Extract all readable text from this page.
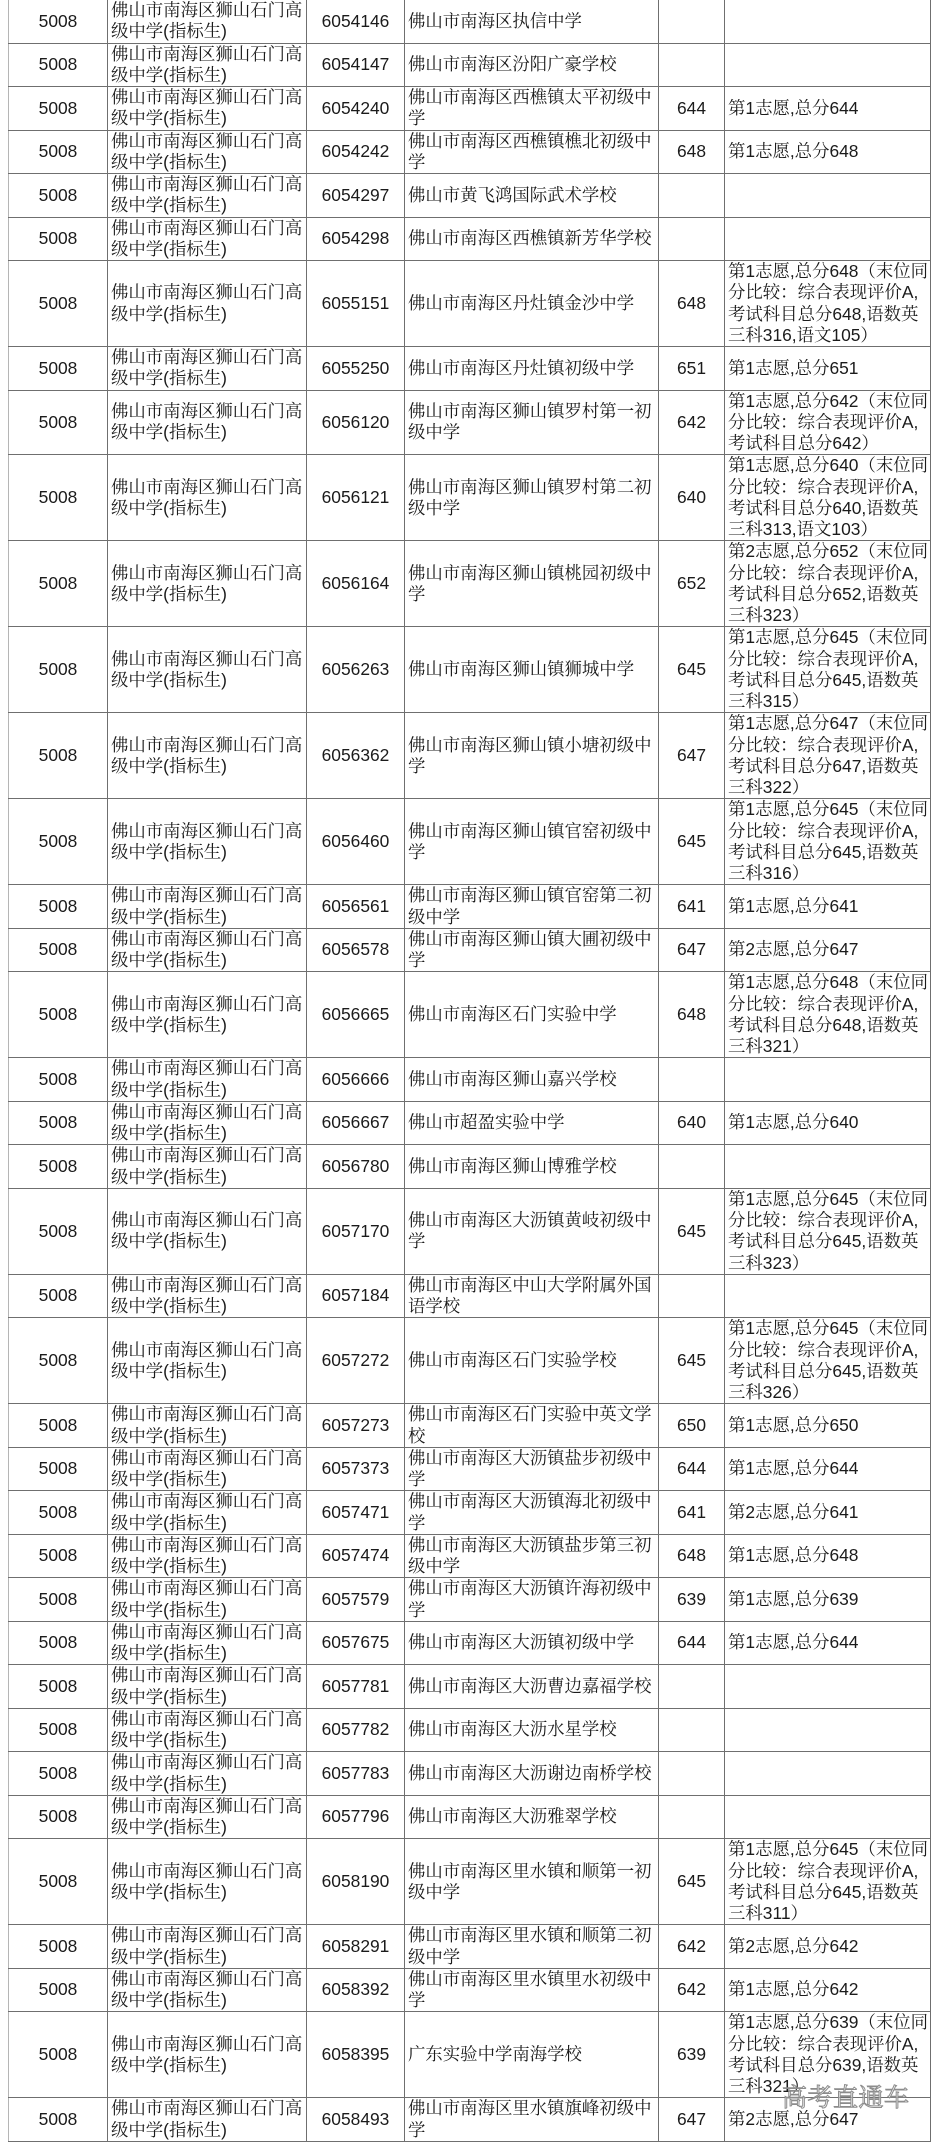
5008	佛山市南海区狮山石门高级中学(指标生)	6054146	佛山市南海区执信中学		
5008	佛山市南海区狮山石门高级中学(指标生)	6054147	佛山市南海区汾阳广豪学校		
5008	佛山市南海区狮山石门高级中学(指标生)	6054240	佛山市南海区西樵镇太平初级中学	644	第1志愿,总分644
5008	佛山市南海区狮山石门高级中学(指标生)	6054242	佛山市南海区西樵镇樵北初级中学	648	第1志愿,总分648
5008	佛山市南海区狮山石门高级中学(指标生)	6054297	佛山市黄飞鸿国际武术学校		
5008	佛山市南海区狮山石门高级中学(指标生)	6054298	佛山市南海区西樵镇新芳华学校		
5008	佛山市南海区狮山石门高级中学(指标生)	6055151	佛山市南海区丹灶镇金沙中学	648	第1志愿,总分648（末位同分比较：综合表现评价A,考试科目总分648,语数英三科316,语文105）
5008	佛山市南海区狮山石门高级中学(指标生)	6055250	佛山市南海区丹灶镇初级中学	651	第1志愿,总分651
5008	佛山市南海区狮山石门高级中学(指标生)	6056120	佛山市南海区狮山镇罗村第一初级中学	642	第1志愿,总分642（末位同分比较：综合表现评价A,考试科目总分642）
5008	佛山市南海区狮山石门高级中学(指标生)	6056121	佛山市南海区狮山镇罗村第二初级中学	640	第1志愿,总分640（末位同分比较：综合表现评价A,考试科目总分640,语数英三科313,语文103）
5008	佛山市南海区狮山石门高级中学(指标生)	6056164	佛山市南海区狮山镇桃园初级中学	652	第2志愿,总分652（末位同分比较：综合表现评价A,考试科目总分652,语数英三科323）
5008	佛山市南海区狮山石门高级中学(指标生)	6056263	佛山市南海区狮山镇狮城中学	645	第1志愿,总分645（末位同分比较：综合表现评价A,考试科目总分645,语数英三科315）
5008	佛山市南海区狮山石门高级中学(指标生)	6056362	佛山市南海区狮山镇小塘初级中学	647	第1志愿,总分647（末位同分比较：综合表现评价A,考试科目总分647,语数英三科322）
5008	佛山市南海区狮山石门高级中学(指标生)	6056460	佛山市南海区狮山镇官窑初级中学	645	第1志愿,总分645（末位同分比较：综合表现评价A,考试科目总分645,语数英三科316）
5008	佛山市南海区狮山石门高级中学(指标生)	6056561	佛山市南海区狮山镇官窑第二初级中学	641	第1志愿,总分641
5008	佛山市南海区狮山石门高级中学(指标生)	6056578	佛山市南海区狮山镇大圃初级中学	647	第2志愿,总分647
5008	佛山市南海区狮山石门高级中学(指标生)	6056665	佛山市南海区石门实验中学	648	第1志愿,总分648（末位同分比较：综合表现评价A,考试科目总分648,语数英三科321）
5008	佛山市南海区狮山石门高级中学(指标生)	6056666	佛山市南海区狮山嘉兴学校		
5008	佛山市南海区狮山石门高级中学(指标生)	6056667	佛山市超盈实验中学	640	第1志愿,总分640
5008	佛山市南海区狮山石门高级中学(指标生)	6056780	佛山市南海区狮山博雅学校		
5008	佛山市南海区狮山石门高级中学(指标生)	6057170	佛山市南海区大沥镇黄岐初级中学	645	第1志愿,总分645（末位同分比较：综合表现评价A,考试科目总分645,语数英三科323）
5008	佛山市南海区狮山石门高级中学(指标生)	6057184	佛山市南海区中山大学附属外国语学校		
5008	佛山市南海区狮山石门高级中学(指标生)	6057272	佛山市南海区石门实验学校	645	第1志愿,总分645（末位同分比较：综合表现评价A,考试科目总分645,语数英三科326）
5008	佛山市南海区狮山石门高级中学(指标生)	6057273	佛山市南海区石门实验中英文学校	650	第1志愿,总分650
5008	佛山市南海区狮山石门高级中学(指标生)	6057373	佛山市南海区大沥镇盐步初级中学	644	第1志愿,总分644
5008	佛山市南海区狮山石门高级中学(指标生)	6057471	佛山市南海区大沥镇海北初级中学	641	第2志愿,总分641
5008	佛山市南海区狮山石门高级中学(指标生)	6057474	佛山市南海区大沥镇盐步第三初级中学	648	第1志愿,总分648
5008	佛山市南海区狮山石门高级中学(指标生)	6057579	佛山市南海区大沥镇许海初级中学	639	第1志愿,总分639
5008	佛山市南海区狮山石门高级中学(指标生)	6057675	佛山市南海区大沥镇初级中学	644	第1志愿,总分644
5008	佛山市南海区狮山石门高级中学(指标生)	6057781	佛山市南海区大沥曹边嘉福学校		
5008	佛山市南海区狮山石门高级中学(指标生)	6057782	佛山市南海区大沥水星学校		
5008	佛山市南海区狮山石门高级中学(指标生)	6057783	佛山市南海区大沥谢边南桥学校		
5008	佛山市南海区狮山石门高级中学(指标生)	6057796	佛山市南海区大沥雅翠学校		
5008	佛山市南海区狮山石门高级中学(指标生)	6058190	佛山市南海区里水镇和顺第一初级中学	645	第1志愿,总分645（末位同分比较：综合表现评价A,考试科目总分645,语数英三科311）
5008	佛山市南海区狮山石门高级中学(指标生)	6058291	佛山市南海区里水镇和顺第二初级中学	642	第2志愿,总分642
5008	佛山市南海区狮山石门高级中学(指标生)	6058392	佛山市南海区里水镇里水初级中学	642	第1志愿,总分642
5008	佛山市南海区狮山石门高级中学(指标生)	6058395	广东实验中学南海学校	639	第1志愿,总分639（末位同分比较：综合表现评价A,考试科目总分639,语数英三科321）
5008	佛山市南海区狮山石门高级中学(指标生)	6058493	佛山市南海区里水镇旗峰初级中学	647	第2志愿,总分647
高考直通车
